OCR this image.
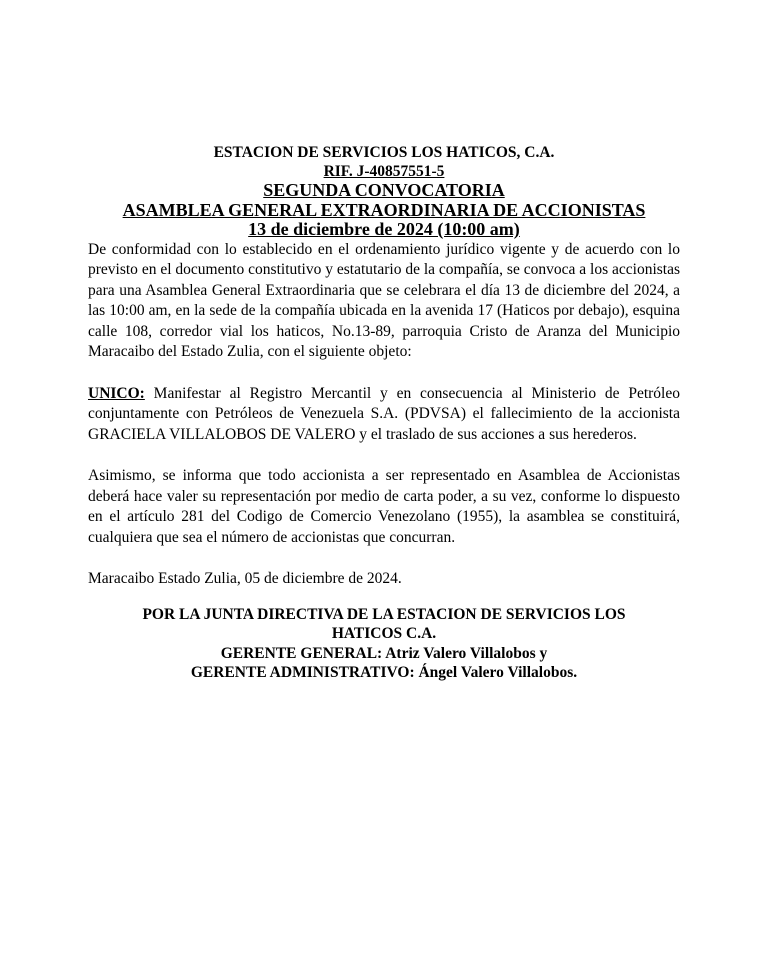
ESTACION DE SERVICIOS LOS HATICOS, C.A.
RIF. J-40857551-5
SEGUNDA CONVOCATORIA
ASAMBLEA GENERAL EXTRAORDINARIA DE ACCIONISTAS
13 de diciembre de 2024 (10:00 am)

De conformidad con lo establecido en el ordenamiento jurídico vigente y de acuerdo con lo previsto en el documento constitutivo y estatutario de la compañía, se convoca a los accionistas para una Asamblea General Extraordinaria que se celebrara el día 13 de diciembre del 2024, a las 10:00 am, en la sede de la compañía ubicada en la avenida 17 (Haticos por debajo), esquina calle 108, corredor vial los haticos, No.13-89, parroquia Cristo de Aranza del Municipio Maracaibo del Estado Zulia, con el siguiente objeto:

UNICO: Manifestar al Registro Mercantil y en consecuencia al Ministerio de Petróleo conjuntamente con Petróleos de Venezuela S.A. (PDVSA) el fallecimiento de la accionista GRACIELA VILLALOBOS DE VALERO y el traslado de sus acciones a sus herederos.

Asimismo, se informa que todo accionista a ser representado en Asamblea de Accionistas deberá hace valer su representación por medio de carta poder, a su vez, conforme lo dispuesto en el artículo 281 del Codigo de Comercio Venezolano (1955), la asamblea se constituirá, cualquiera que sea el número de accionistas que concurran.

Maracaibo Estado Zulia, 05 de diciembre de 2024.

POR LA JUNTA DIRECTIVA DE LA ESTACION DE SERVICIOS LOS HATICOS C.A.
GERENTE GENERAL: Atriz Valero Villalobos y
GERENTE ADMINISTRATIVO: Ángel Valero Villalobos.
